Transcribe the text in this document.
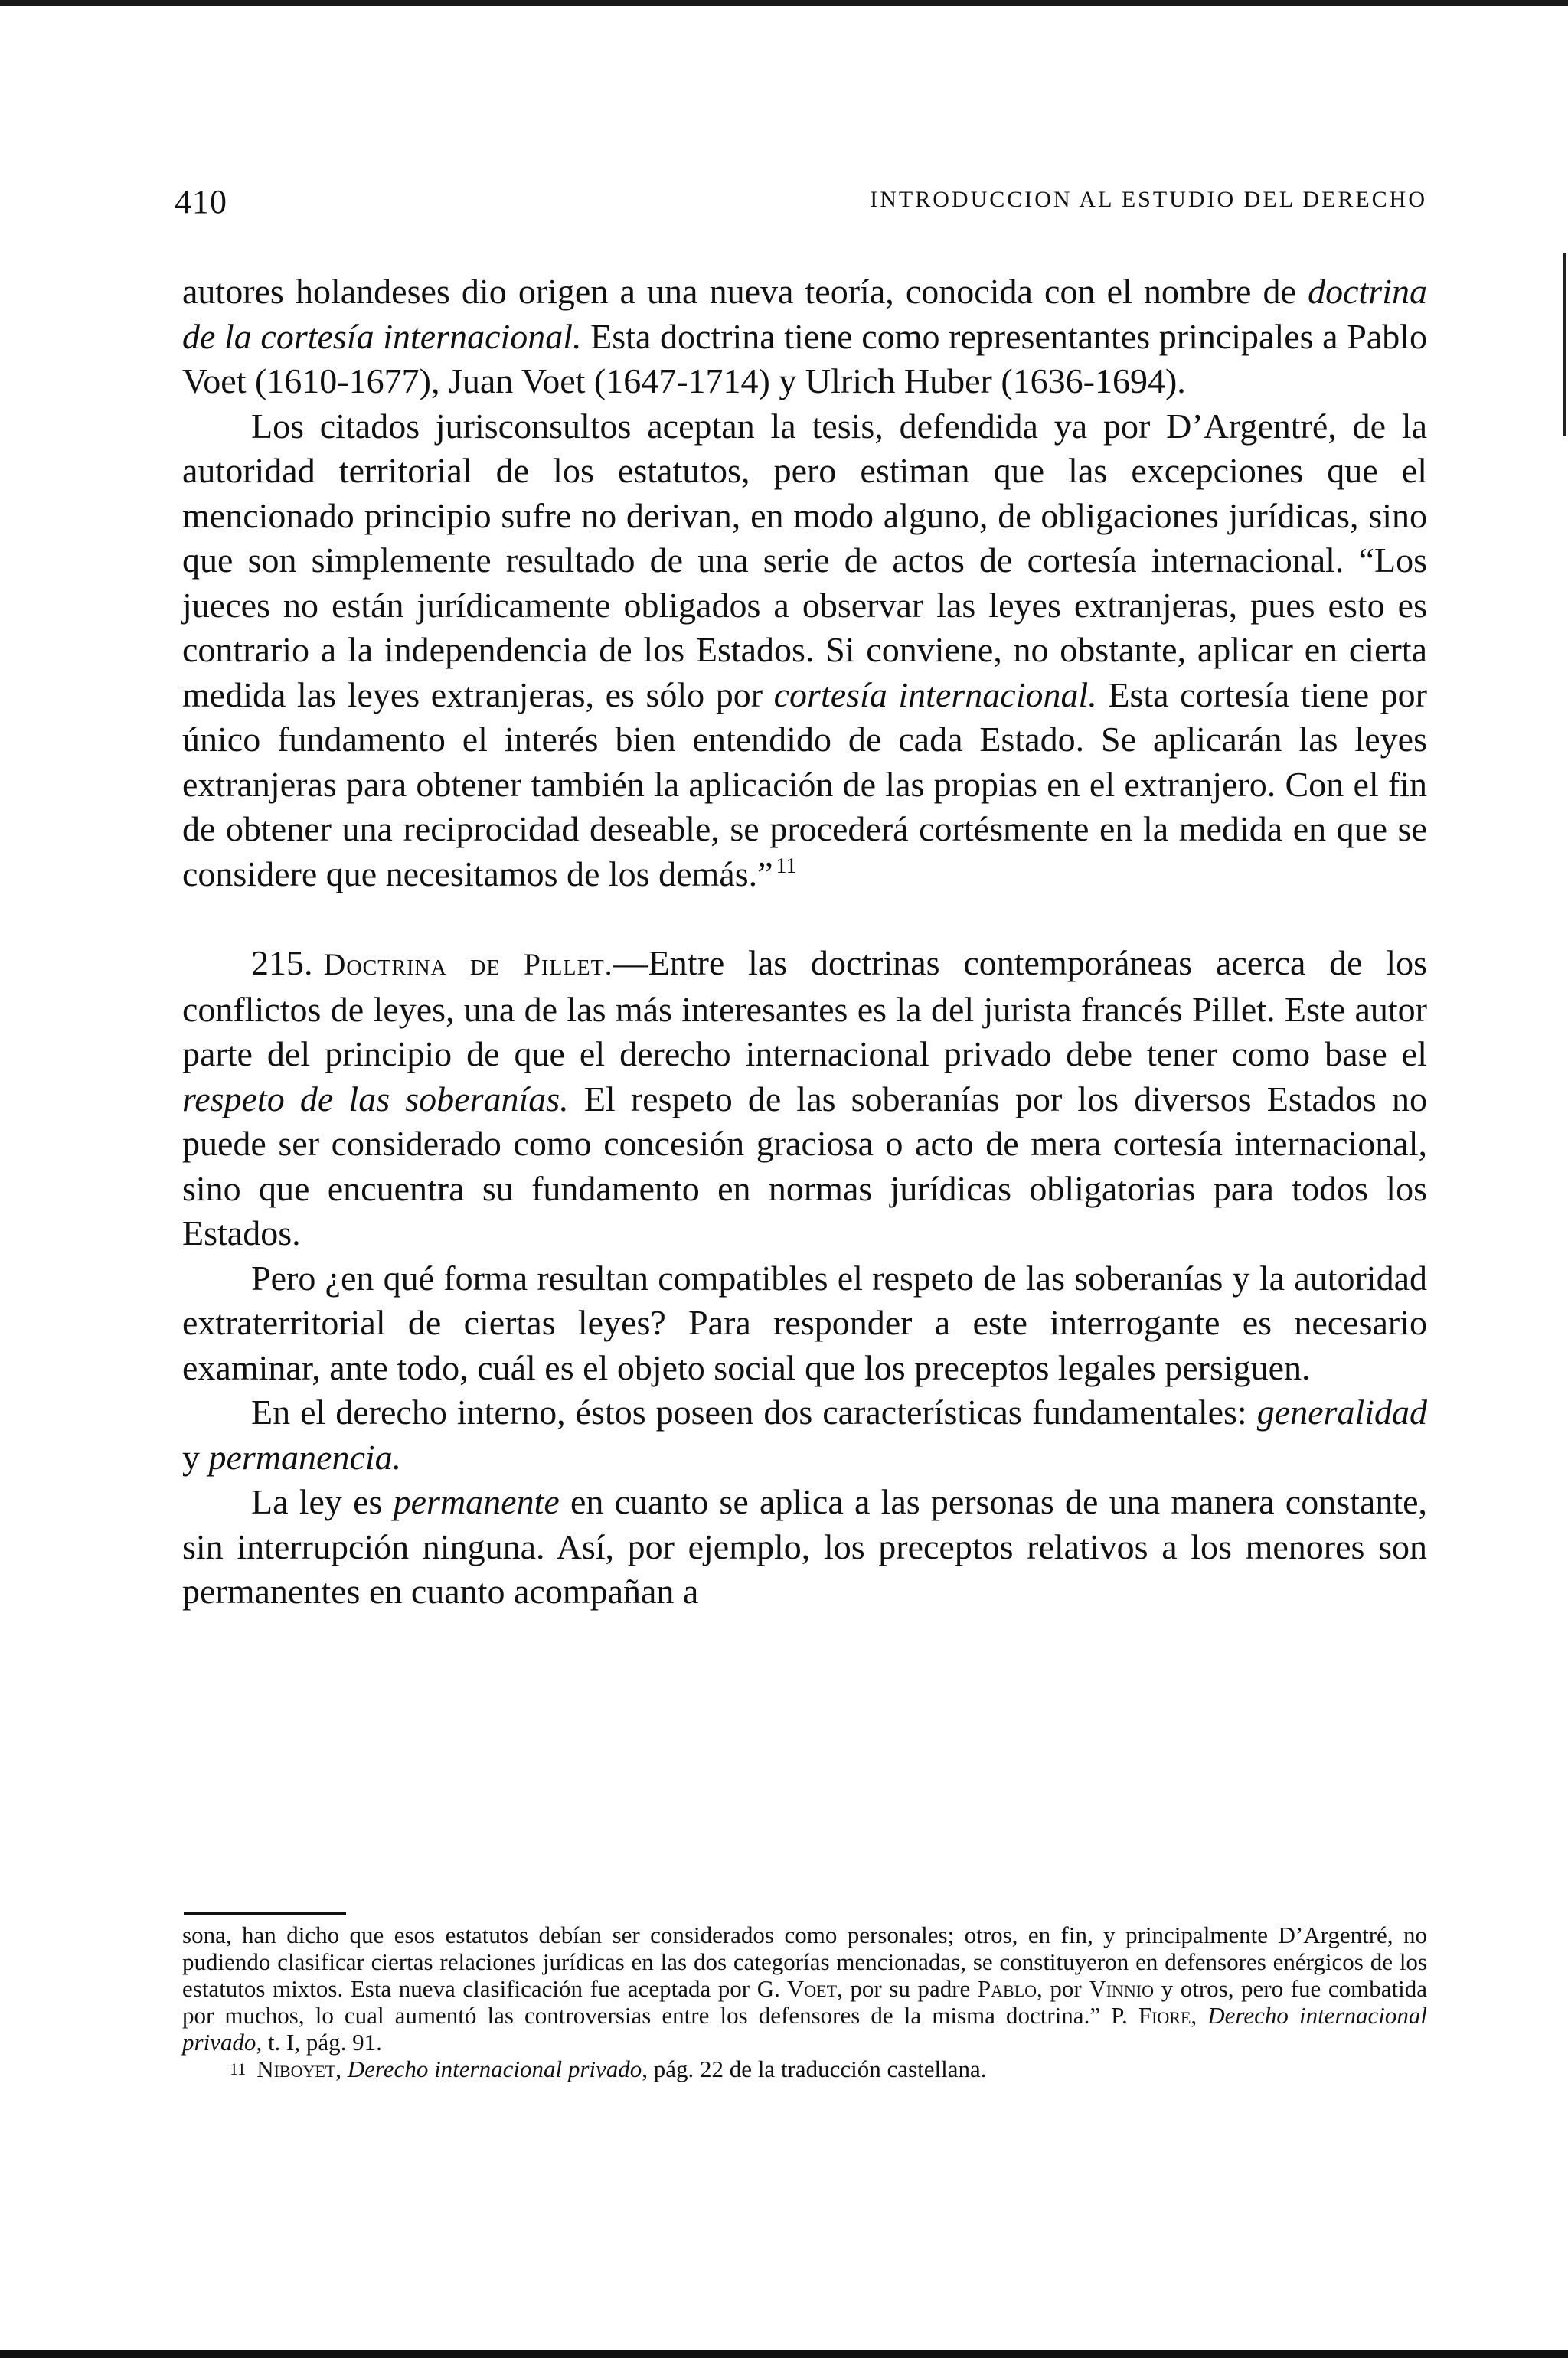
410	INTRODUCCION AL ESTUDIO DEL DERECHO

autores holandeses dio origen a una nueva teoría, conocida con el nombre de doctrina de la cortesía internacional. Esta doctrina tiene como representantes principales a Pablo Voet (1610-1677), Juan Voet (1647-1714) y Ulrich Huber (1636-1694).

Los citados jurisconsultos aceptan la tesis, defendida ya por D’Argentré, de la autoridad territorial de los estatutos, pero estiman que las excepciones que el mencionado principio sufre no derivan, en modo alguno, de obligaciones jurídicas, sino que son simplemente resultado de una serie de actos de cortesía internacional. “Los jueces no están jurídicamente obligados a observar las leyes extranjeras, pues esto es contrario a la independencia de los Estados. Si conviene, no obstante, aplicar en cierta medida las leyes extranjeras, es sólo por cortesía internacional. Esta cortesía tiene por único fundamento el interés bien entendido de cada Estado. Se aplicarán las leyes extranjeras para obtener también la aplicación de las propias en el extranjero. Con el fin de obtener una reciprocidad deseable, se procederá cortésmente en la medida en que se considere que necesitamos de los demás.” $^{11}$

215. Doctrina de Pillet.—Entre las doctrinas contemporáneas acerca de los conflictos de leyes, una de las más interesantes es la del jurista francés Pillet. Este autor parte del principio de que el derecho internacional privado debe tener como base el respeto de las soberanías. El respeto de las soberanías por los diversos Estados no puede ser considerado como concesión graciosa o acto de mera cortesía internacional, sino que encuentra su fundamento en normas jurídicas obligatorias para todos los Estados.

Pero ¿en qué forma resultan compatibles el respeto de las soberanías y la autoridad extraterritorial de ciertas leyes? Para responder a este interrogante es necesario examinar, ante todo, cuál es el objeto social que los preceptos legales persiguen.

En el derecho interno, éstos poseen dos características fundamentales: generalidad y permanencia.

La ley es permanente en cuanto se aplica a las personas de una manera constante, sin interrupción ninguna. Así, por ejemplo, los preceptos relativos a los menores son permanentes en cuanto acompañan a

sona, han dicho que esos estatutos debían ser considerados como personales; otros, en fin, y principalmente D’Argentré, no pudiendo clasificar ciertas relaciones jurídicas en las dos categorías mencionadas, se constituyeron en defensores enérgicos de los estatutos mixtos. Esta nueva clasificación fue aceptada por G. Voet, por su padre Pablo, por Vinnio y otros, pero fue combatida por muchos, lo cual aumentó las controversias entre los defensores de la misma doctrina.” P. Fiore, Derecho internacional privado, t. I, pág. 91.

$^{11}$ Niboyet, Derecho internacional privado, pág. 22 de la traducción castellana.
